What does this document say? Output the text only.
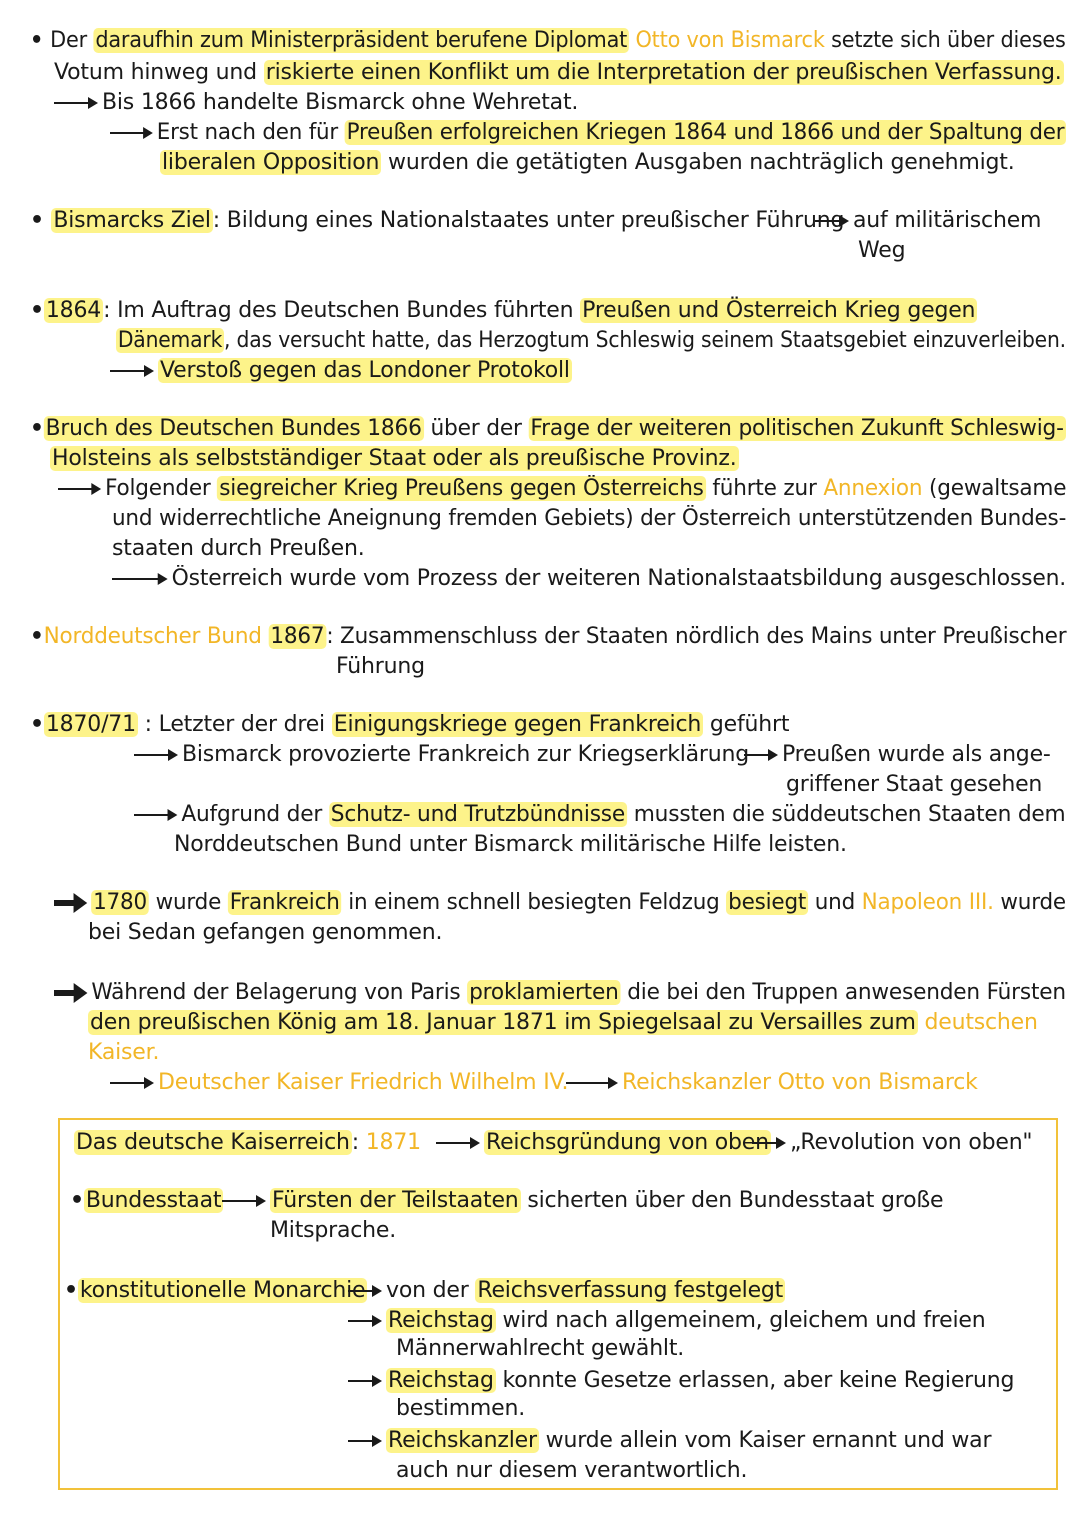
• Der daraufhin zum Ministerpräsident berufene Diplomat Otto von Bismarck setzte sich über dieses
Votum hinweg und riskierte einen Konflikt um die Interpretation der preußischen Verfassung.
Bis 1866 handelte Bismarck ohne Wehretat.
Erst nach den für Preußen erfolgreichen Kriegen 1864 und 1866 und der Spaltung der
liberalen Opposition wurden die getätigten Ausgaben nachträglich genehmigt.
• Bismarcks Ziel: Bildung eines Nationalstaates unter preußischer Führung auf militärischem
Weg
•1864: Im Auftrag des Deutschen Bundes führten Preußen und Österreich Krieg gegen
Dänemark, das versucht hatte, das Herzogtum Schleswig seinem Staatsgebiet einzuverleiben.
Verstoß gegen das Londoner Protokoll
•Bruch des Deutschen Bundes 1866 über der Frage der weiteren politischen Zukunft Schleswig-
Holsteins als selbstständiger Staat oder als preußische Provinz.
Folgender siegreicher Krieg Preußens gegen Österreichs führte zur Annexion (gewaltsame
und widerrechtliche Aneignung fremden Gebiets) der Österreich unterstützenden Bundes-
staaten durch Preußen.
Österreich wurde vom Prozess der weiteren Nationalstaatsbildung ausgeschlossen.
•Norddeutscher Bund 1867: Zusammenschluss der Staaten nördlich des Mains unter Preußischer
Führung
•1870/71 : Letzter der drei Einigungskriege gegen Frankreich geführt
Bismarck provozierte Frankreich zur Kriegserklärung	Preußen wurde als ange-
griffener Staat gesehen
Aufgrund der Schutz- und Trutzbündnisse mussten die süddeutschen Staaten dem
Norddeutschen Bund unter Bismarck militärische Hilfe leisten.
1780 wurde Frankreich in einem schnell besiegten Feldzug besiegt und Napoleon III. wurde
bei Sedan gefangen genommen.
Während der Belagerung von Paris proklamierten die bei den Truppen anwesenden Fürsten
den preußischen König am 18. Januar 1871 im Spiegelsaal zu Versailles zum deutschen
Kaiser.
Deutscher Kaiser Friedrich Wilhelm IV.	Reichskanzler Otto von Bismarck
Das deutsche Kaiserreich: 1871	Reichsgründung von oben „Revolution von oben"
•Bundesstaat	Fürsten der Teilstaaten sicherten über den Bundesstaat große
Mitsprache.
•konstitutionelle Monarchie von der Reichsverfassung festgelegt
Reichstag wird nach allgemeinem, gleichem und freien
Männerwahlrecht gewählt.
Reichstag konnte Gesetze erlassen, aber keine Regierung
bestimmen.
Reichskanzler wurde allein vom Kaiser ernannt und war
auch nur diesem verantwortlich.
